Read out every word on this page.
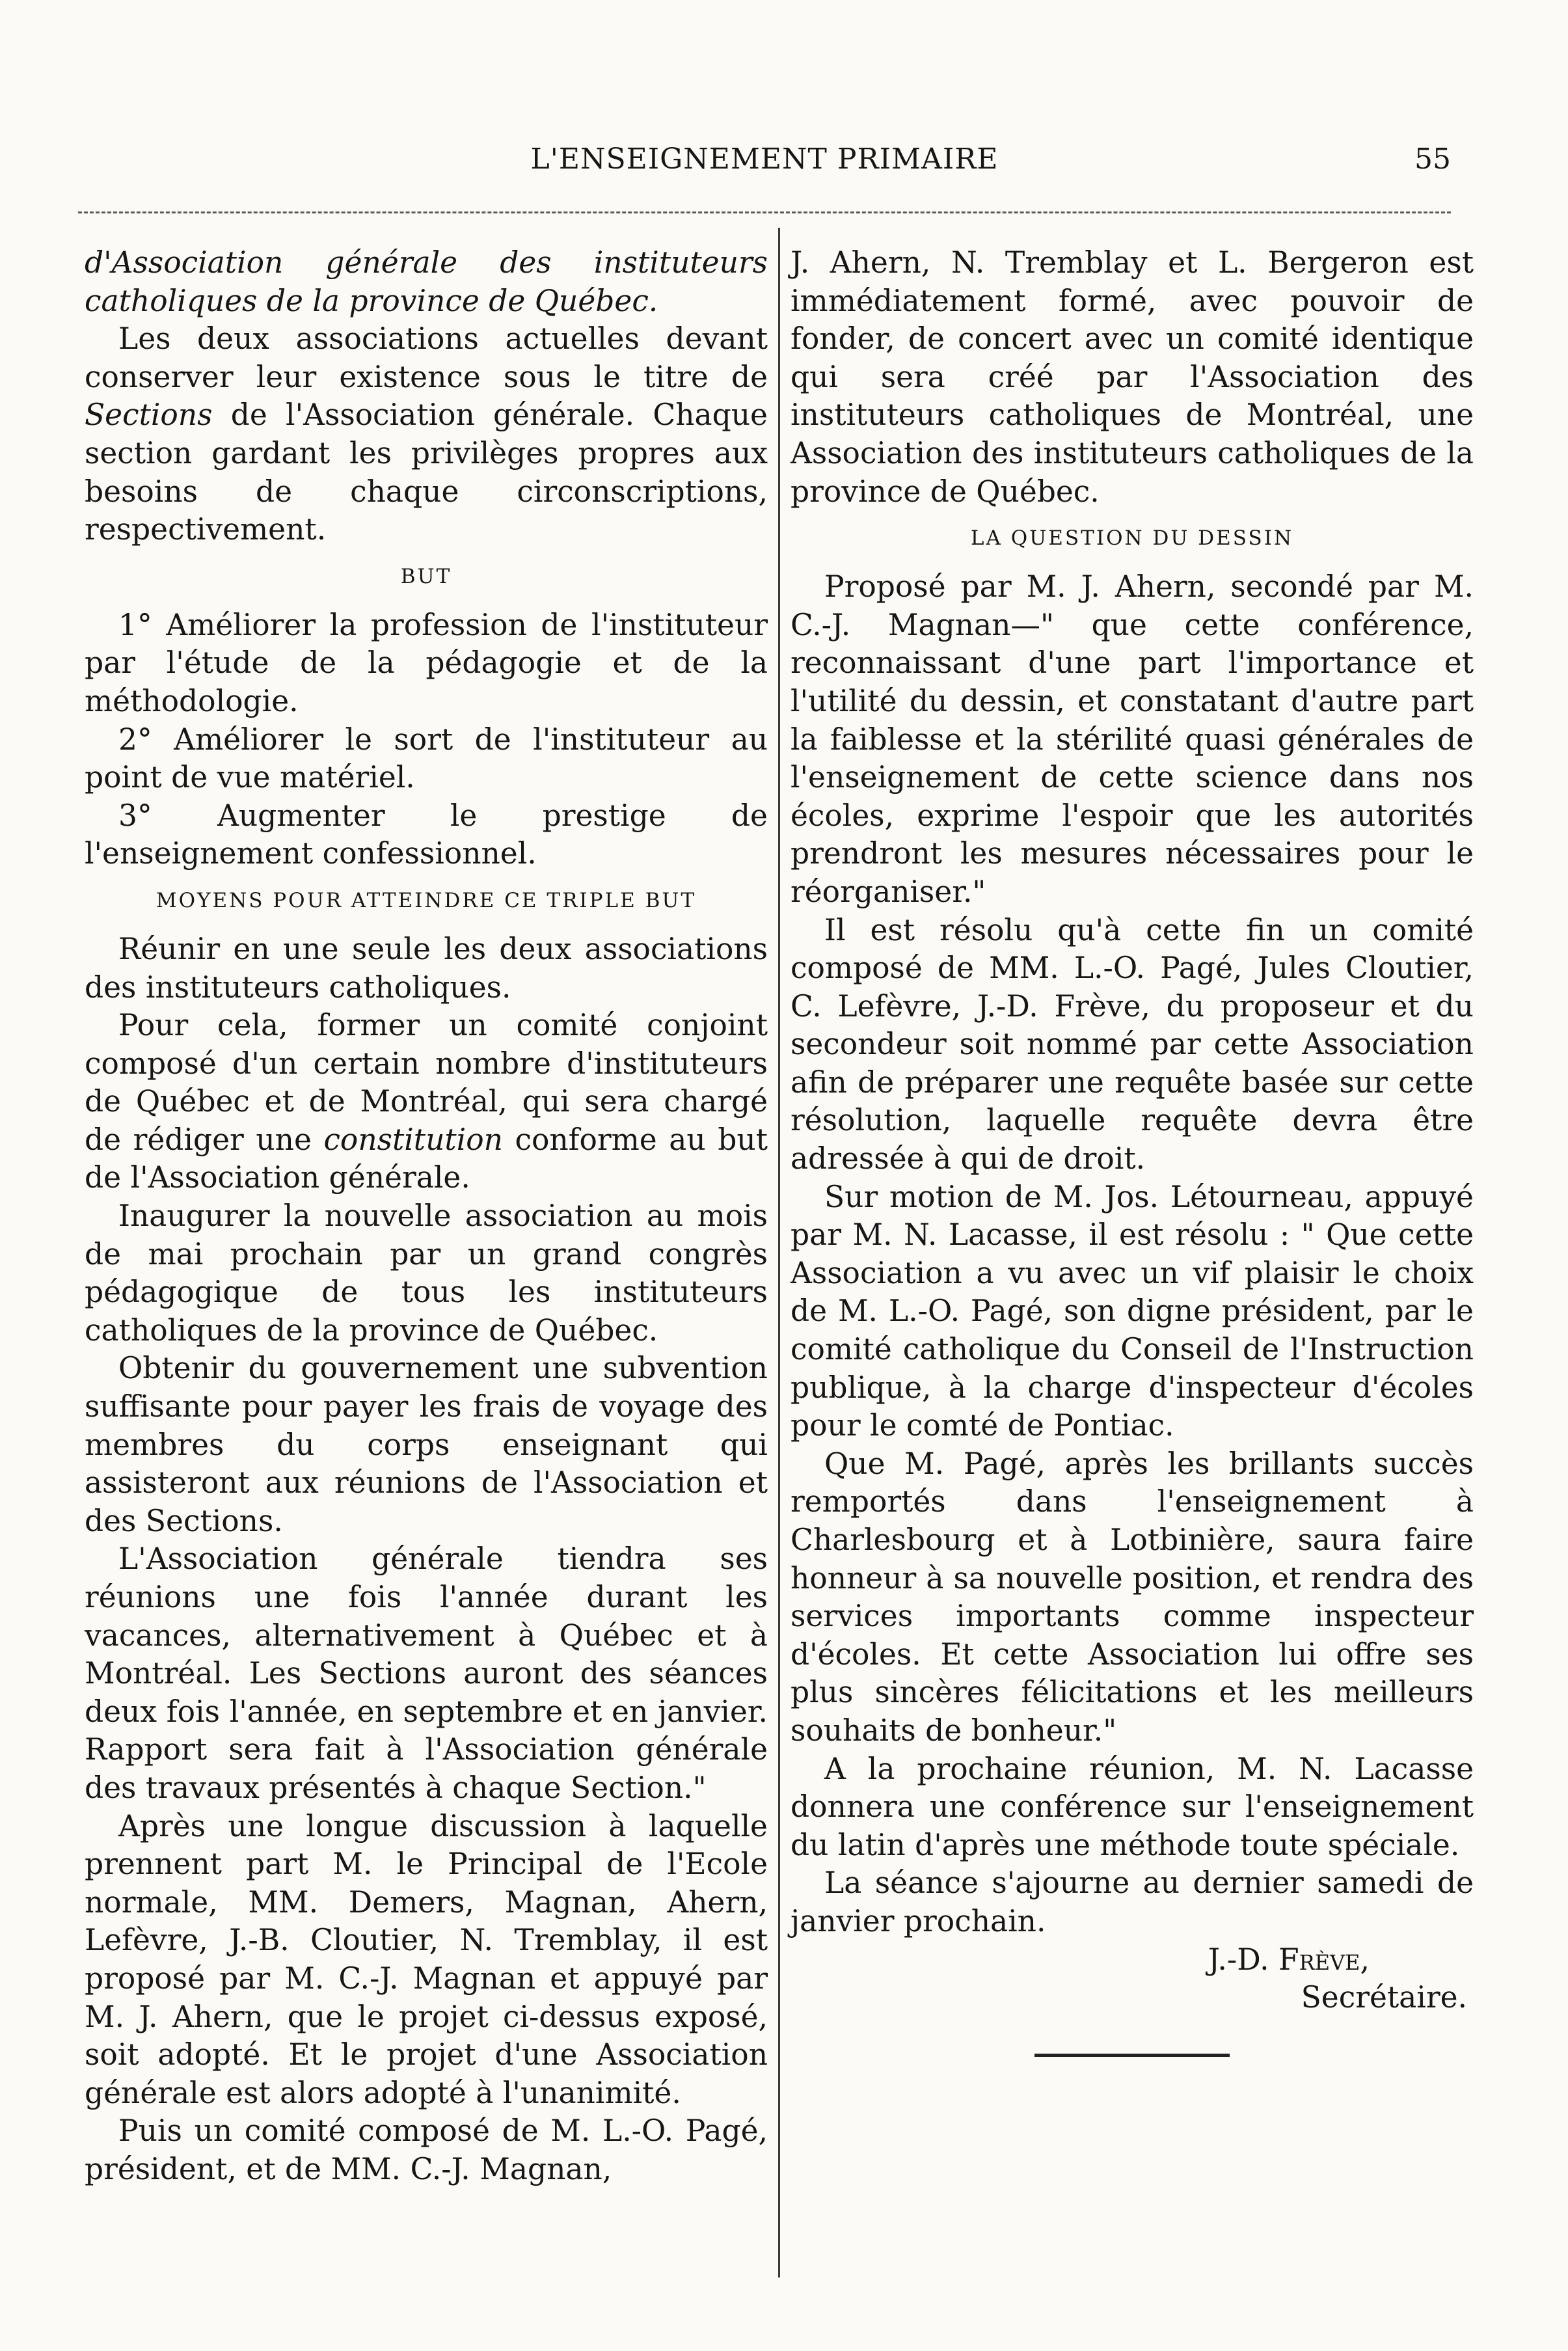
L'ENSEIGNEMENT PRIMAIRE	55

d'Association générale des instituteurs catholiques de la province de Québec.

Les deux associations actuelles devant conserver leur existence sous le titre de Sections de l'Association générale. Chaque section gardant les privilèges propres aux besoins de chaque circonscriptions, respectivement.

BUT

1° Améliorer la profession de l'instituteur par l'étude de la pédagogie et de la méthodologie.

2° Améliorer le sort de l'instituteur au point de vue matériel.

3° Augmenter le prestige de l'enseignement confessionnel.

MOYENS POUR ATTEINDRE CE TRIPLE BUT

Réunir en une seule les deux associations des instituteurs catholiques.

Pour cela, former un comité conjoint composé d'un certain nombre d'instituteurs de Québec et de Montréal, qui sera chargé de rédiger une constitution conforme au but de l'Association générale.

Inaugurer la nouvelle association au mois de mai prochain par un grand congrès pédagogique de tous les instituteurs catholiques de la province de Québec.

Obtenir du gouvernement une subvention suffisante pour payer les frais de voyage des membres du corps enseignant qui assisteront aux réunions de l'Association et des Sections.

L'Association générale tiendra ses réunions une fois l'année durant les vacances, alternativement à Québec et à Montréal. Les Sections auront des séances deux fois l'année, en septembre et en janvier. Rapport sera fait à l'Association générale des travaux présentés à chaque Section."

Après une longue discussion à laquelle prennent part M. le Principal de l'Ecole normale, MM. Demers, Magnan, Ahern, Lefèvre, J.-B. Cloutier, N. Tremblay, il est proposé par M. C.-J. Magnan et appuyé par M. J. Ahern, que le projet ci-dessus exposé, soit adopté. Et le projet d'une Association générale est alors adopté à l'unanimité.

Puis un comité composé de M. L.-O. Pagé, président, et de MM. C.-J. Magnan,

J. Ahern, N. Tremblay et L. Bergeron est immédiatement formé, avec pouvoir de fonder, de concert avec un comité identique qui sera créé par l'Association des instituteurs catholiques de Montréal, une Association des instituteurs catholiques de la province de Québec.

LA QUESTION DU DESSIN

Proposé par M. J. Ahern, secondé par M. C.-J. Magnan—" que cette conférence, reconnaissant d'une part l'importance et l'utilité du dessin, et constatant d'autre part la faiblesse et la stérilité quasi générales de l'enseignement de cette science dans nos écoles, exprime l'espoir que les autorités prendront les mesures nécessaires pour le réorganiser."

Il est résolu qu'à cette fin un comité composé de MM. L.-O. Pagé, Jules Cloutier, C. Lefèvre, J.-D. Frève, du proposeur et du secondeur soit nommé par cette Association afin de préparer une requête basée sur cette résolution, laquelle requête devra être adressée à qui de droit.

Sur motion de M. Jos. Létourneau, appuyé par M. N. Lacasse, il est résolu : " Que cette Association a vu avec un vif plaisir le choix de M. L.-O. Pagé, son digne président, par le comité catholique du Conseil de l'Instruction publique, à la charge d'inspecteur d'écoles pour le comté de Pontiac.

Que M. Pagé, après les brillants succès remportés dans l'enseignement à Charlesbourg et à Lotbinière, saura faire honneur à sa nouvelle position, et rendra des services importants comme inspecteur d'écoles. Et cette Association lui offre ses plus sincères félicitations et les meilleurs souhaits de bonheur."

A la prochaine réunion, M. N. Lacasse donnera une conférence sur l'enseignement du latin d'après une méthode toute spéciale.

La séance s'ajourne au dernier samedi de janvier prochain.

J.-D. Frève,

Secrétaire.
